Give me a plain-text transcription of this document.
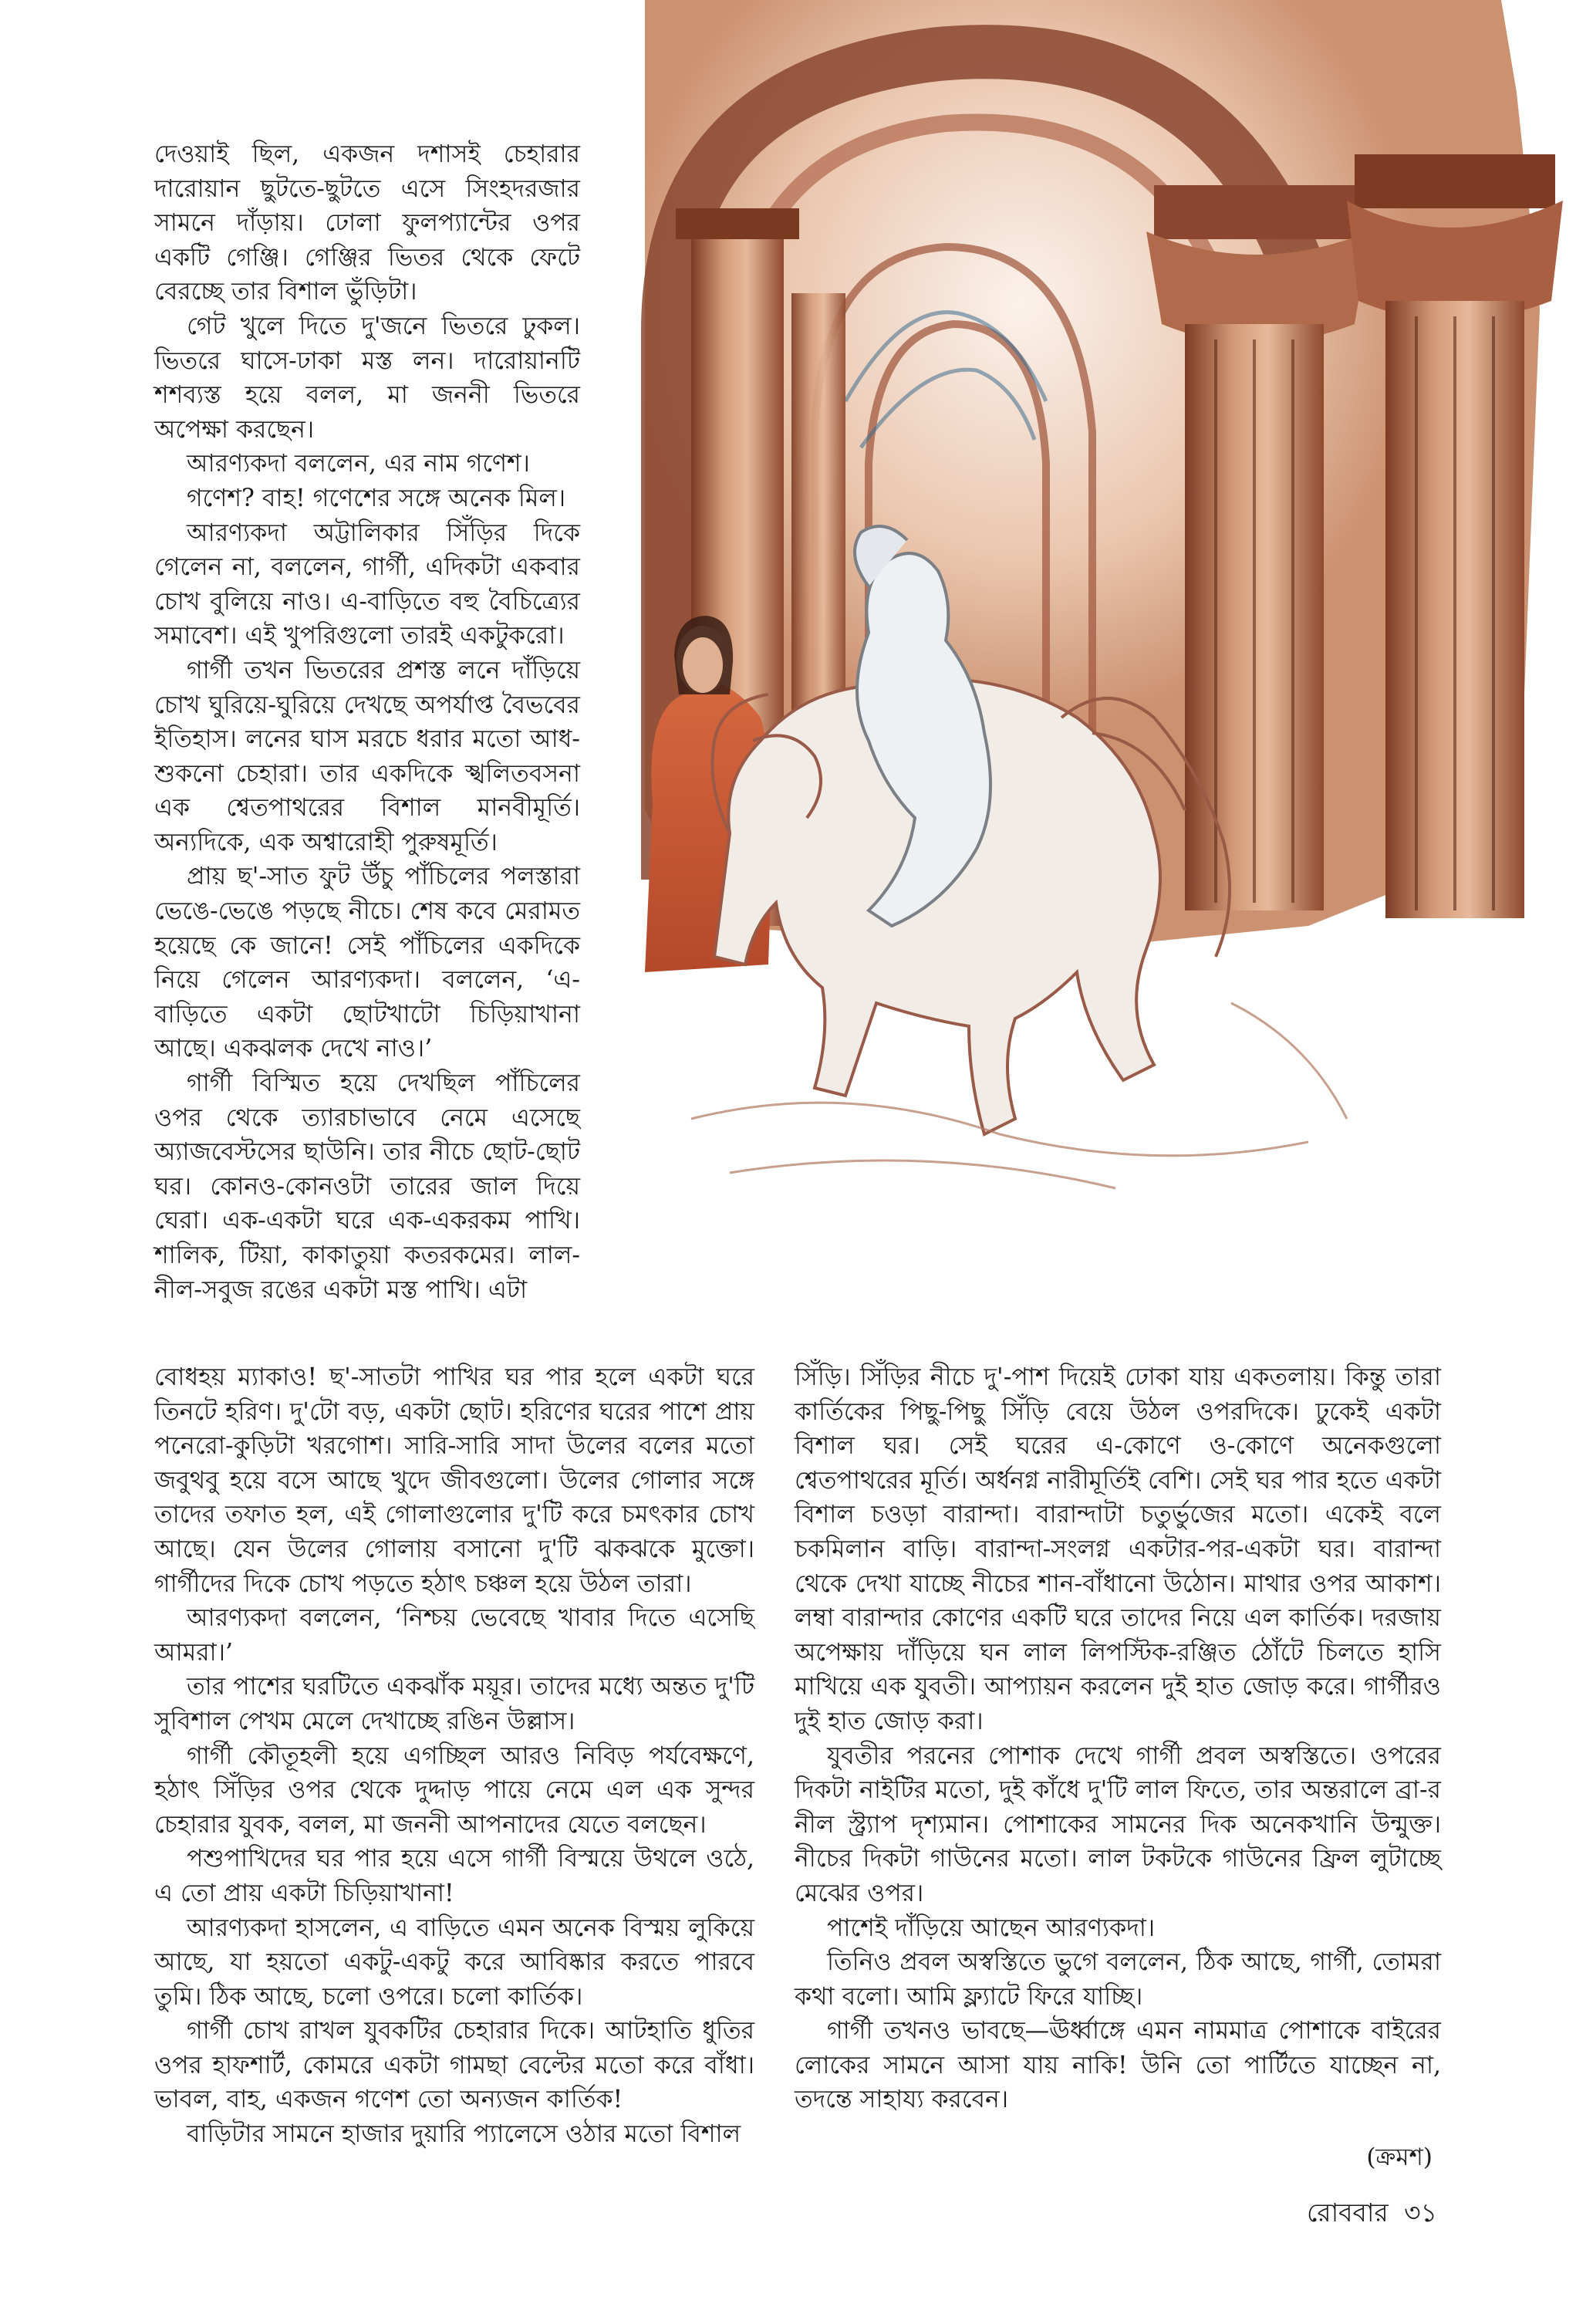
দেওয়াই ছিল, একজন দশাসই চেহারার দারোয়ান ছুটতে-ছুটতে এসে সিংহদরজার সামনে দাঁড়ায়। ঢোলা ফুলপ্যান্টের ওপর একটি গেঞ্জি। গেঞ্জির ভিতর থেকে ফেটে বেরচ্ছে তার বিশাল ভুঁড়িটা।

গেট খুলে দিতে দু'জনে ভিতরে ঢুকল। ভিতরে ঘাসে-ঢাকা মস্ত লন। দারোয়ানটি শশব্যস্ত হয়ে বলল, মা জননী ভিতরে অপেক্ষা করছেন।

আরণ্যকদা বললেন, এর নাম গণেশ।

গণেশ? বাহ! গণেশের সঙ্গে অনেক মিল।

আরণ্যকদা অট্টালিকার সিঁড়ির দিকে গেলেন না, বললেন, গার্গী, এদিকটা একবার চোখ বুলিয়ে নাও। এ-বাড়িতে বহু বৈচিত্র্যের সমাবেশ। এই খুপরিগুলো তারই একটুকরো।

গার্গী তখন ভিতরের প্রশস্ত লনে দাঁড়িয়ে চোখ ঘুরিয়ে-ঘুরিয়ে দেখছে অপর্যাপ্ত বৈভবের ইতিহাস। লনের ঘাস মরচে ধরার মতো আধ-শুকনো চেহারা। তার একদিকে স্খলিতবসনা এক শ্বেতপাথরের বিশাল মানবীমূর্তি। অন্যদিকে, এক অশ্বারোহী পুরুষমূর্তি।

প্রায় ছ'-সাত ফুট উঁচু পাঁচিলের পলস্তারা ভেঙে-ভেঙে পড়ছে নীচে। শেষ কবে মেরামত হয়েছে কে জানে! সেই পাঁচিলের একদিকে নিয়ে গেলেন আরণ্যকদা। বললেন, ‘এ-বাড়িতে একটা ছোটখাটো চিড়িয়াখানা আছে। একঝলক দেখে নাও।’

গার্গী বিস্মিত হয়ে দেখছিল পাঁচিলের ওপর থেকে ত্যারচাভাবে নেমে এসেছে অ্যাজবেস্টসের ছাউনি। তার নীচে ছোট-ছোট ঘর। কোনও-কোনওটা তারের জাল দিয়ে ঘেরা। এক-একটা ঘরে এক-একরকম পাখি। শালিক, টিয়া, কাকাতুয়া কতরকমের। লাল-নীল-সবুজ রঙের একটা মস্ত পাখি। এটা

বোধহয় ম্যাকাও! ছ'-সাতটা পাখির ঘর পার হলে একটা ঘরে তিনটে হরিণ। দু'টো বড়, একটা ছোট। হরিণের ঘরের পাশে প্রায় পনেরো-কুড়িটা খরগোশ। সারি-সারি সাদা উলের বলের মতো জবুথবু হয়ে বসে আছে খুদে জীবগুলো। উলের গোলার সঙ্গে তাদের তফাত হল, এই গোলাগুলোর দু'টি করে চমৎকার চোখ আছে। যেন উলের গোলায় বসানো দু'টি ঝকঝকে মুক্তো। গার্গীদের দিকে চোখ পড়তে হঠাৎ চঞ্চল হয়ে উঠল তারা।

আরণ্যকদা বললেন, ‘নিশ্চয় ভেবেছে খাবার দিতে এসেছি আমরা।’

তার পাশের ঘরটিতে একঝাঁক ময়ূর। তাদের মধ্যে অন্তত দু'টি সুবিশাল পেখম মেলে দেখাচ্ছে রঙিন উল্লাস।

গার্গী কৌতূহলী হয়ে এগচ্ছিল আরও নিবিড় পর্যবেক্ষণে, হঠাৎ সিঁড়ির ওপর থেকে দুদ্দাড় পায়ে নেমে এল এক সুন্দর চেহারার যুবক, বলল, মা জননী আপনাদের যেতে বলছেন।

পশুপাখিদের ঘর পার হয়ে এসে গার্গী বিস্ময়ে উথলে ওঠে, এ তো প্রায় একটা চিড়িয়াখানা!

আরণ্যকদা হাসলেন, এ বাড়িতে এমন অনেক বিস্ময় লুকিয়ে আছে, যা হয়তো একটু-একটু করে আবিষ্কার করতে পারবে তুমি। ঠিক আছে, চলো ওপরে। চলো কার্তিক।

গার্গী চোখ রাখল যুবকটির চেহারার দিকে। আটহাতি ধুতির ওপর হাফশার্ট, কোমরে একটা গামছা বেল্টের মতো করে বাঁধা। ভাবল, বাহ, একজন গণেশ তো অন্যজন কার্তিক!

বাড়িটার সামনে হাজার দুয়ারি প্যালেসে ওঠার মতো বিশাল

সিঁড়ি। সিঁড়ির নীচে দু'-পাশ দিয়েই ঢোকা যায় একতলায়। কিন্তু তারা কার্তিকের পিছু-পিছু সিঁড়ি বেয়ে উঠল ওপরদিকে। ঢুকেই একটা বিশাল ঘর। সেই ঘরের এ-কোণে ও-কোণে অনেকগুলো শ্বেতপাথরের মূর্তি। অর্ধনগ্ন নারীমূর্তিই বেশি। সেই ঘর পার হতে একটা বিশাল চওড়া বারান্দা। বারান্দাটা চতুর্ভুজের মতো। একেই বলে চকমিলান বাড়ি। বারান্দা-সংলগ্ন একটার-পর-একটা ঘর। বারান্দা থেকে দেখা যাচ্ছে নীচের শান-বাঁধানো উঠোন। মাথার ওপর আকাশ। লম্বা বারান্দার কোণের একটি ঘরে তাদের নিয়ে এল কার্তিক। দরজায় অপেক্ষায় দাঁড়িয়ে ঘন লাল লিপস্টিক-রঞ্জিত ঠোঁটে চিলতে হাসি মাখিয়ে এক যুবতী। আপ্যায়ন করলেন দুই হাত জোড় করে। গার্গীরও দুই হাত জোড় করা।

যুবতীর পরনের পোশাক দেখে গার্গী প্রবল অস্বস্তিতে। ওপরের দিকটা নাইটির মতো, দুই কাঁধে দু'টি লাল ফিতে, তার অন্তরালে ব্রা-র নীল স্ট্র্যাপ দৃশ্যমান। পোশাকের সামনের দিক অনেকখানি উন্মুক্ত। নীচের দিকটা গাউনের মতো। লাল টকটকে গাউনের ফ্রিল লুটাচ্ছে মেঝের ওপর।

পাশেই দাঁড়িয়ে আছেন আরণ্যকদা।

তিনিও প্রবল অস্বস্তিতে ভুগে বললেন, ঠিক আছে, গার্গী, তোমরা কথা বলো। আমি ফ্ল্যাটে ফিরে যাচ্ছি।

গার্গী তখনও ভাবছে—ঊর্ধ্বাঙ্গে এমন নামমাত্র পোশাকে বাইরের লোকের সামনে আসা যায় নাকি! উনি তো পার্টিতে যাচ্ছেন না, তদন্তে সাহায্য করবেন।

(ক্রমশ)
রোববার ৩১
